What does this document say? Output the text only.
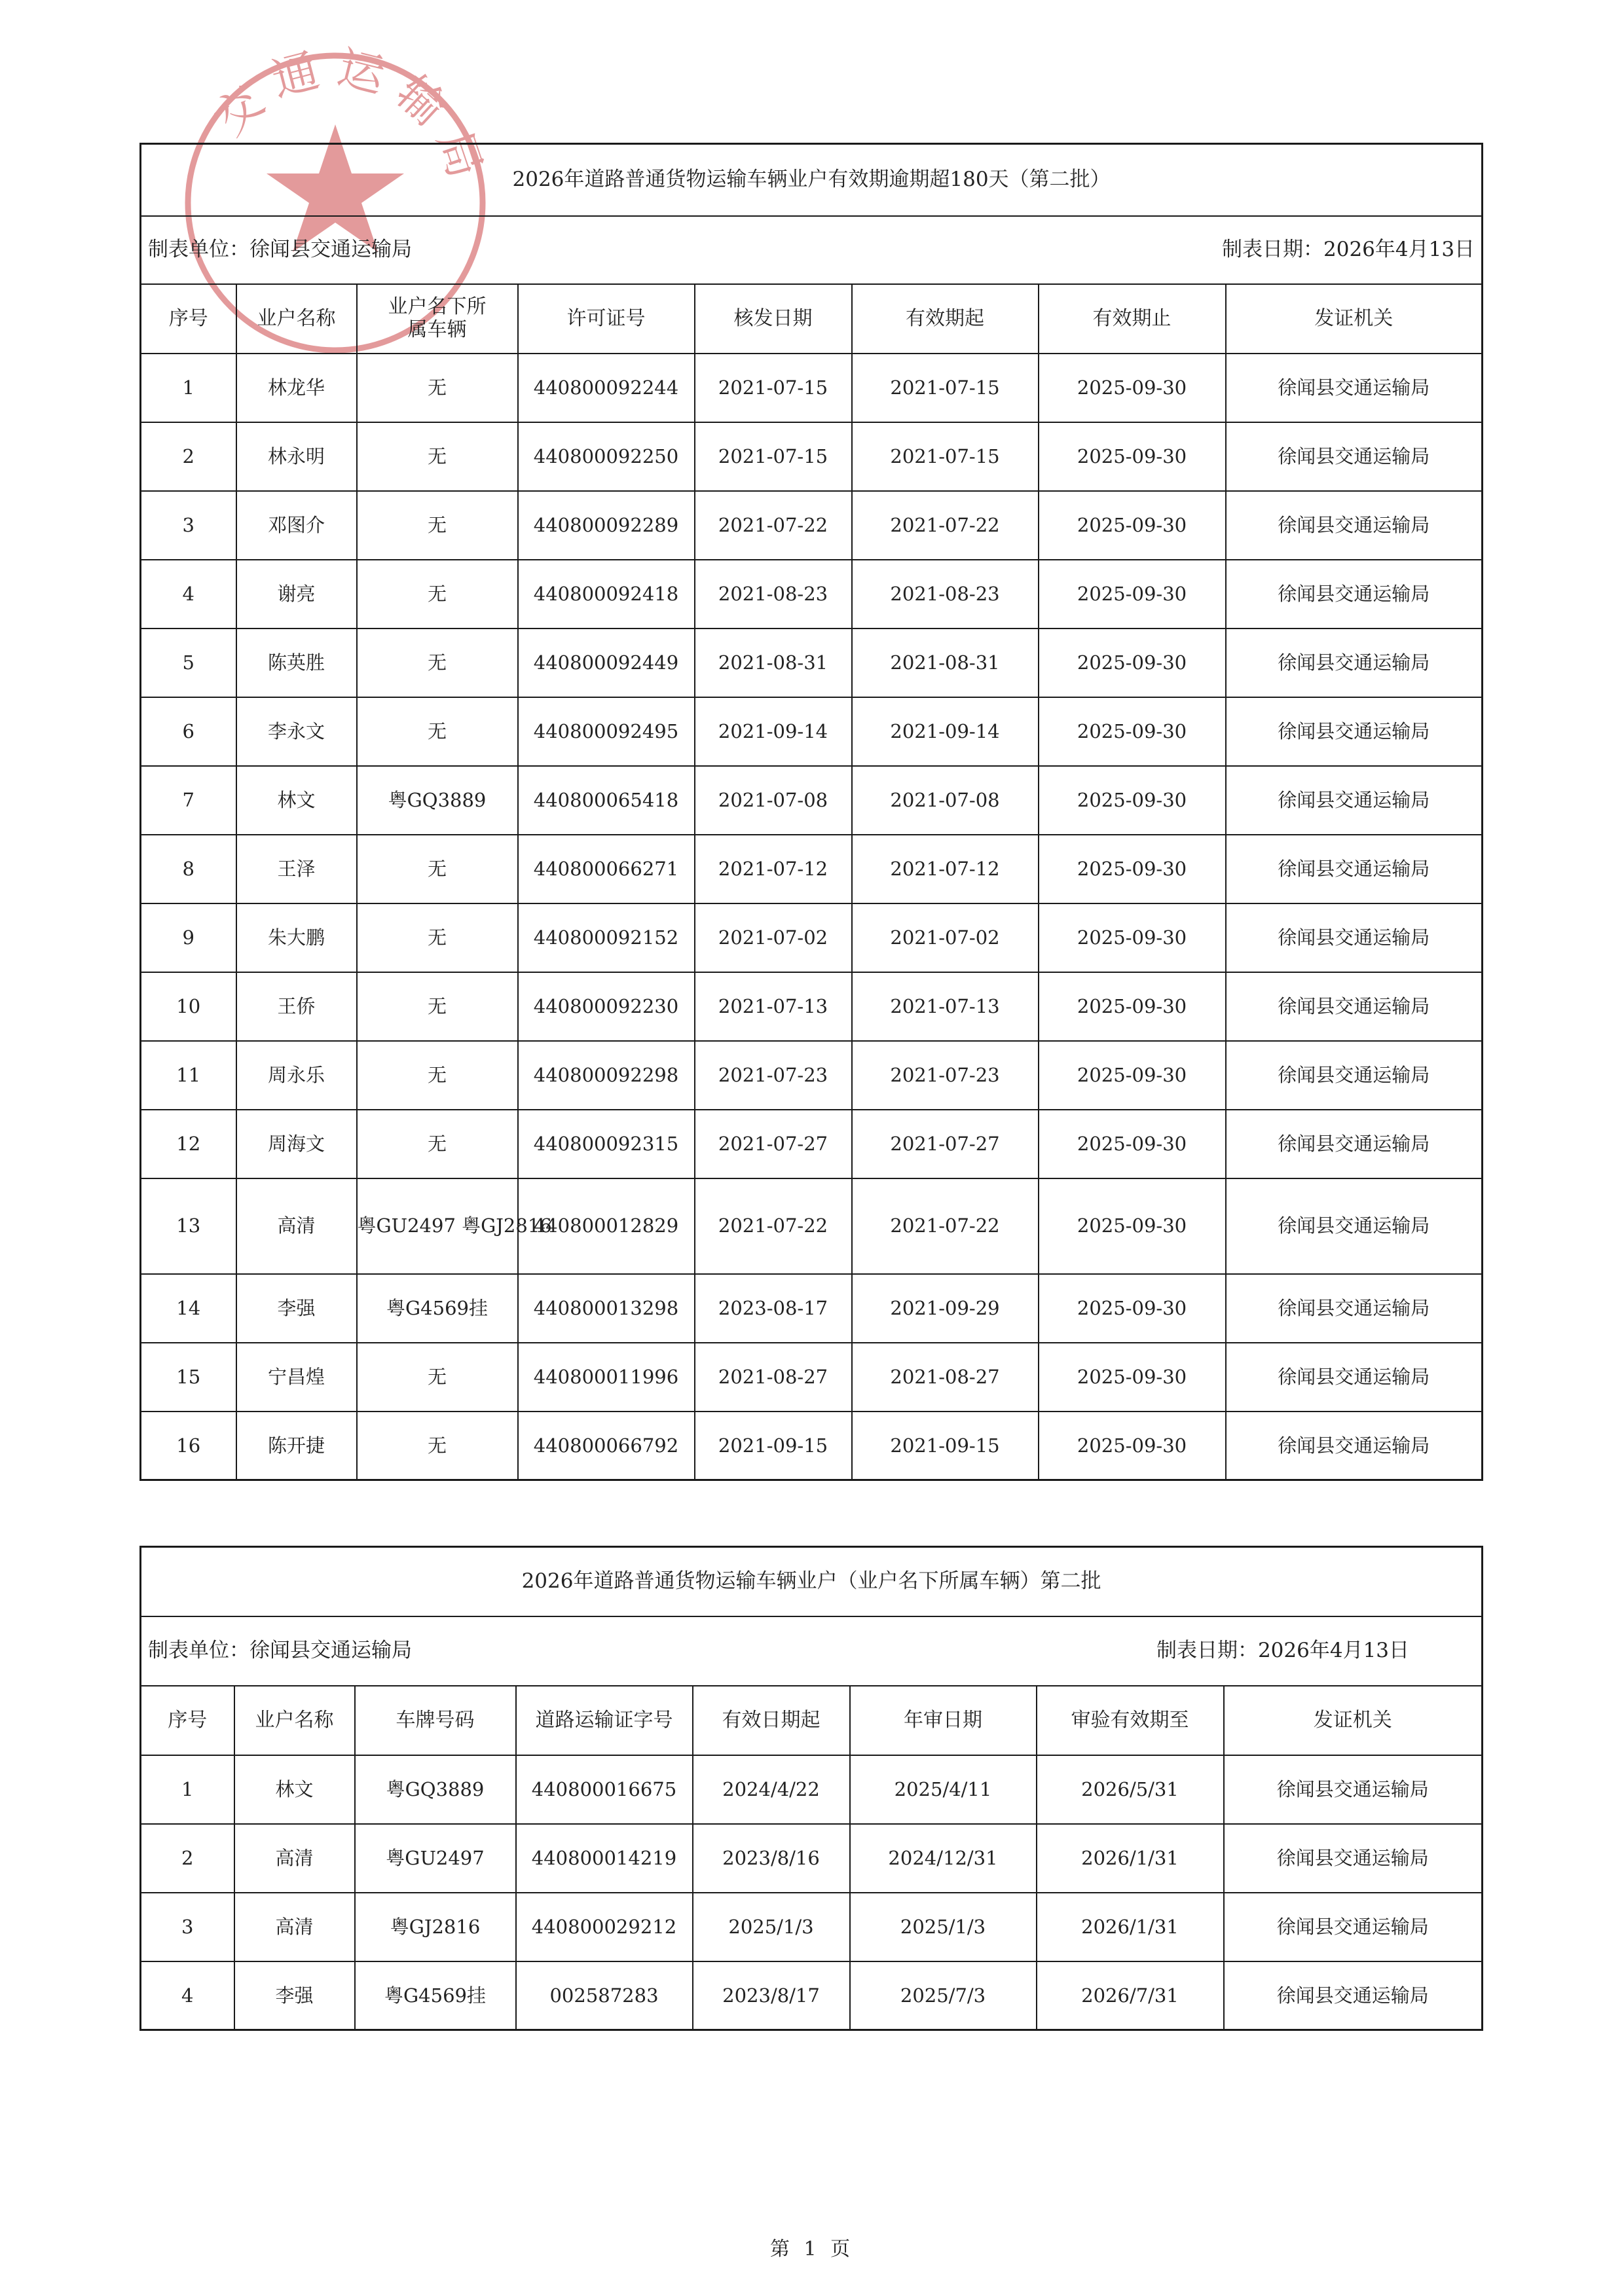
交通运输局 2026年道路普通货物运输车辆业户有效期逾期超180天（第二批）							

制表单位：徐闻县交通运输局 制表日期：2026年4月13日							

序号	业户名称	业户名下所属车辆	许可证号	核发日期	有效期起	有效期止	发证机关
1	林龙华	无	440800092244	2021-07-15	2021-07-15	2025-09-30	徐闻县交通运输局
2	林永明	无	440800092250	2021-07-15	2021-07-15	2025-09-30	徐闻县交通运输局
3	邓图介	无	440800092289	2021-07-22	2021-07-22	2025-09-30	徐闻县交通运输局
4	谢亮	无	440800092418	2021-08-23	2021-08-23	2025-09-30	徐闻县交通运输局
5	陈英胜	无	440800092449	2021-08-31	2021-08-31	2025-09-30	徐闻县交通运输局
6	李永文	无	440800092495	2021-09-14	2021-09-14	2025-09-30	徐闻县交通运输局
7	林文	粤GQ3889	440800065418	2021-07-08	2021-07-08	2025-09-30	徐闻县交通运输局
8	王泽	无	440800066271	2021-07-12	2021-07-12	2025-09-30	徐闻县交通运输局
9	朱大鹏	无	440800092152	2021-07-02	2021-07-02	2025-09-30	徐闻县交通运输局
10	王侨	无	440800092230	2021-07-13	2021-07-13	2025-09-30	徐闻县交通运输局
11	周永乐	无	440800092298	2021-07-23	2021-07-23	2025-09-30	徐闻县交通运输局
12	周海文	无	440800092315	2021-07-27	2021-07-27	2025-09-30	徐闻县交通运输局
13	高清	粤GU2497 粤GJ2816	440800012829	2021-07-22	2021-07-22	2025-09-30	徐闻县交通运输局
14	李强	粤G4569挂	440800013298	2023-08-17	2021-09-29	2025-09-30	徐闻县交通运输局
15	宁昌煌	无	440800011996	2021-08-27	2021-08-27	2025-09-30	徐闻县交通运输局
16	陈开捷	无	440800066792	2021-09-15	2021-09-15	2025-09-30	徐闻县交通运输局
2026年道路普通货物运输车辆业户（业户名下所属车辆）第二批							

制表单位：徐闻县交通运输局 制表日期：2026年4月13日							

序号	业户名称	车牌号码	道路运输证字号	有效日期起	年审日期	审验有效期至	发证机关
1	林文	粤GQ3889	440800016675	2024/4/22	2025/4/11	2026/5/31	徐闻县交通运输局
2	高清	粤GU2497	440800014219	2023/8/16	2024/12/31	2026/1/31	徐闻县交通运输局
3	高清	粤GJ2816	440800029212	2025/1/3	2025/1/3	2026/1/31	徐闻县交通运输局
4	李强	粤G4569挂	002587283	2023/8/17	2025/7/3	2026/7/31	徐闻县交通运输局
第 1 页
